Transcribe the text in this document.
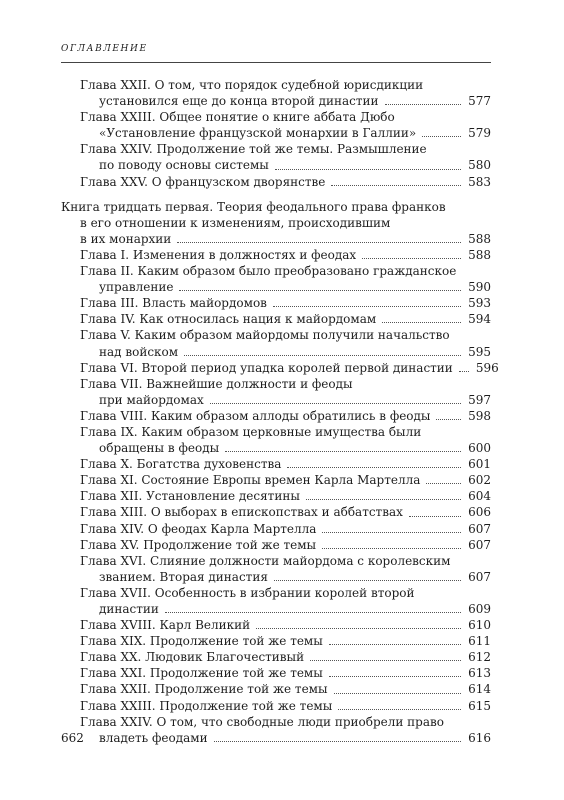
ОГЛАВЛЕНИЕ
Глава XXII. О том, что порядок судебной юрисдикции
установился еще до конца второй династии	577
Глава XXIII. Общее понятие о книге аббата Дюбо
«Установление французской монархии в Галлии»	579
Глава XXIV. Продолжение той же темы. Размышление
по поводу основы системы	580
Глава XXV. О французском дворянстве	583
Книга тридцать первая. Теория феодального права франков
в его отношении к изменениям, происходившим
в их монархии	588
Глава I. Изменения в должностях и феодах	588
Глава II. Каким образом было преобразовано гражданское
управление	590
Глава III. Власть майордомов	593
Глава IV. Как относилась нация к майордомам	594
Глава V. Каким образом майордомы получили начальство
над войском	595
Глава VI. Второй период упадка королей первой династии 596
Глава VII. Важнейшие должности и феоды
при майордомах	597
Глава VIII. Каким образом аллоды обратились в феоды	598
Глава IX. Каким образом церковные имущества были
обращены в феоды	600
Глава X. Богатства духовенства	601
Глава XI. Состояние Европы времен Карла Мартелла	602
Глава XII. Установление десятины	604
Глава XIII. О выборах в епископствах и аббатствах	606
Глава XIV. О феодах Карла Мартелла	607
Глава XV. Продолжение той же темы	607
Глава XVI. Слияние должности майордома с королевским
званием. Вторая династия	607
Глава XVII. Особенность в избрании королей второй
династии	609
Глава XVIII. Карл Великий	610
Глава XIX. Продолжение той же темы	611
Глава XX. Людовик Благочестивый	612
Глава XXI. Продолжение той же темы	613
Глава XXII. Продолжение той же темы	614
Глава XXIII. Продолжение той же темы	615
Глава XXIV. О том, что свободные люди приобрели право
владеть феодами	616
662
